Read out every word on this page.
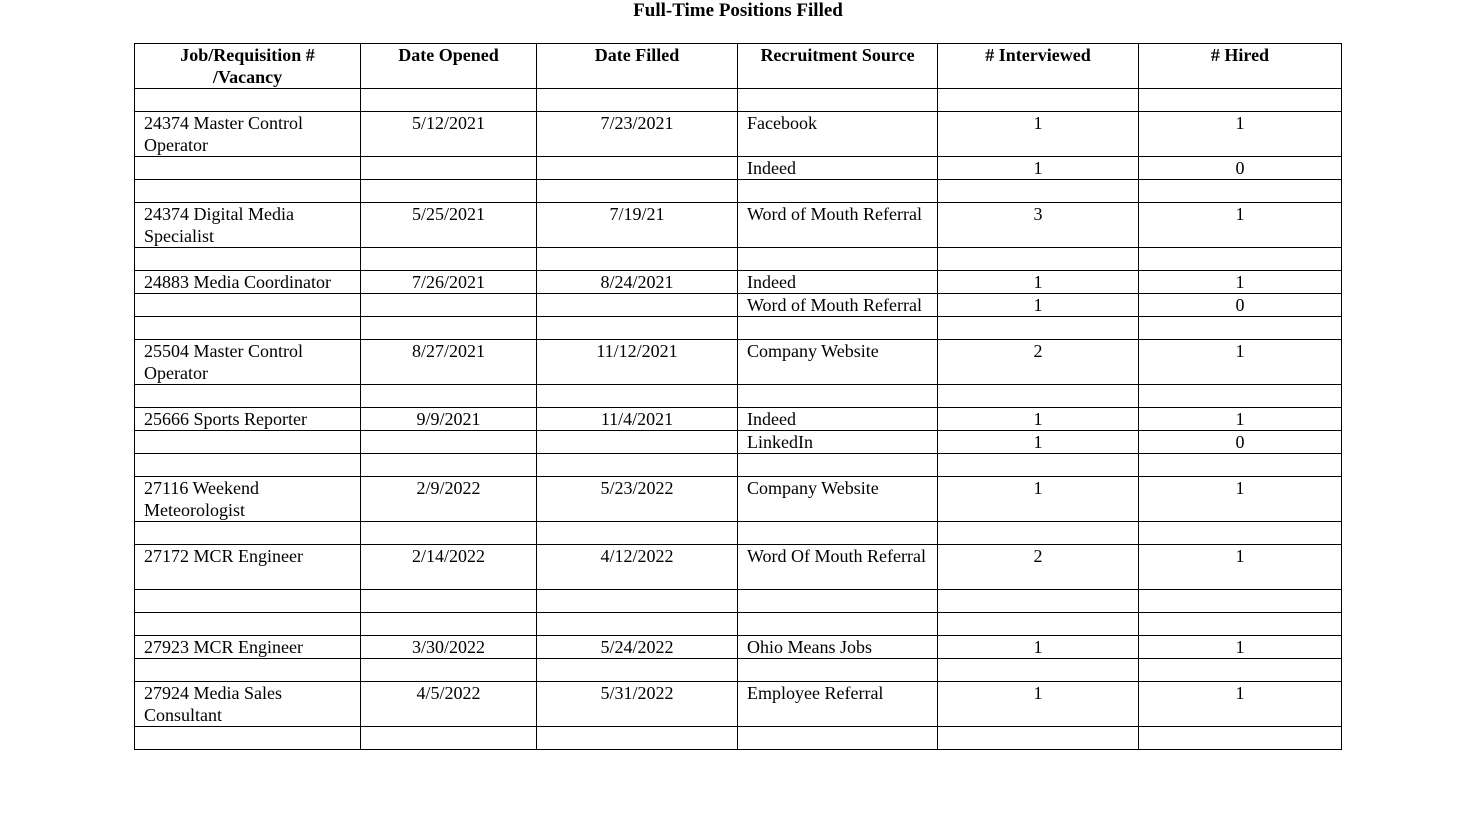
Full-Time Positions Filled
Job/Requisition # /Vacancy	Date Opened	Date Filled	Recruitment Source	# Interviewed	# Hired

24374 Master Control Operator	5/12/2021	7/23/2021	Facebook	1	1
			Indeed	1	0

24374 Digital Media Specialist	5/25/2021	7/19/21	Word of Mouth Referral	3	1

24883 Media Coordinator	7/26/2021	8/24/2021	Indeed	1	1
			Word of Mouth Referral	1	0

25504 Master Control Operator	8/27/2021	11/12/2021	Company Website	2	1

25666 Sports Reporter	9/9/2021	11/4/2021	Indeed	1	1
			LinkedIn	1	0

27116 Weekend Meteorologist	2/9/2022	5/23/2022	Company Website	1	1

27172 MCR Engineer	2/14/2022	4/12/2022	Word Of Mouth Referral	2	1

27923 MCR Engineer	3/30/2022	5/24/2022	Ohio Means Jobs	1	1

27924 Media Sales Consultant	4/5/2022	5/31/2022	Employee Referral	1	1
